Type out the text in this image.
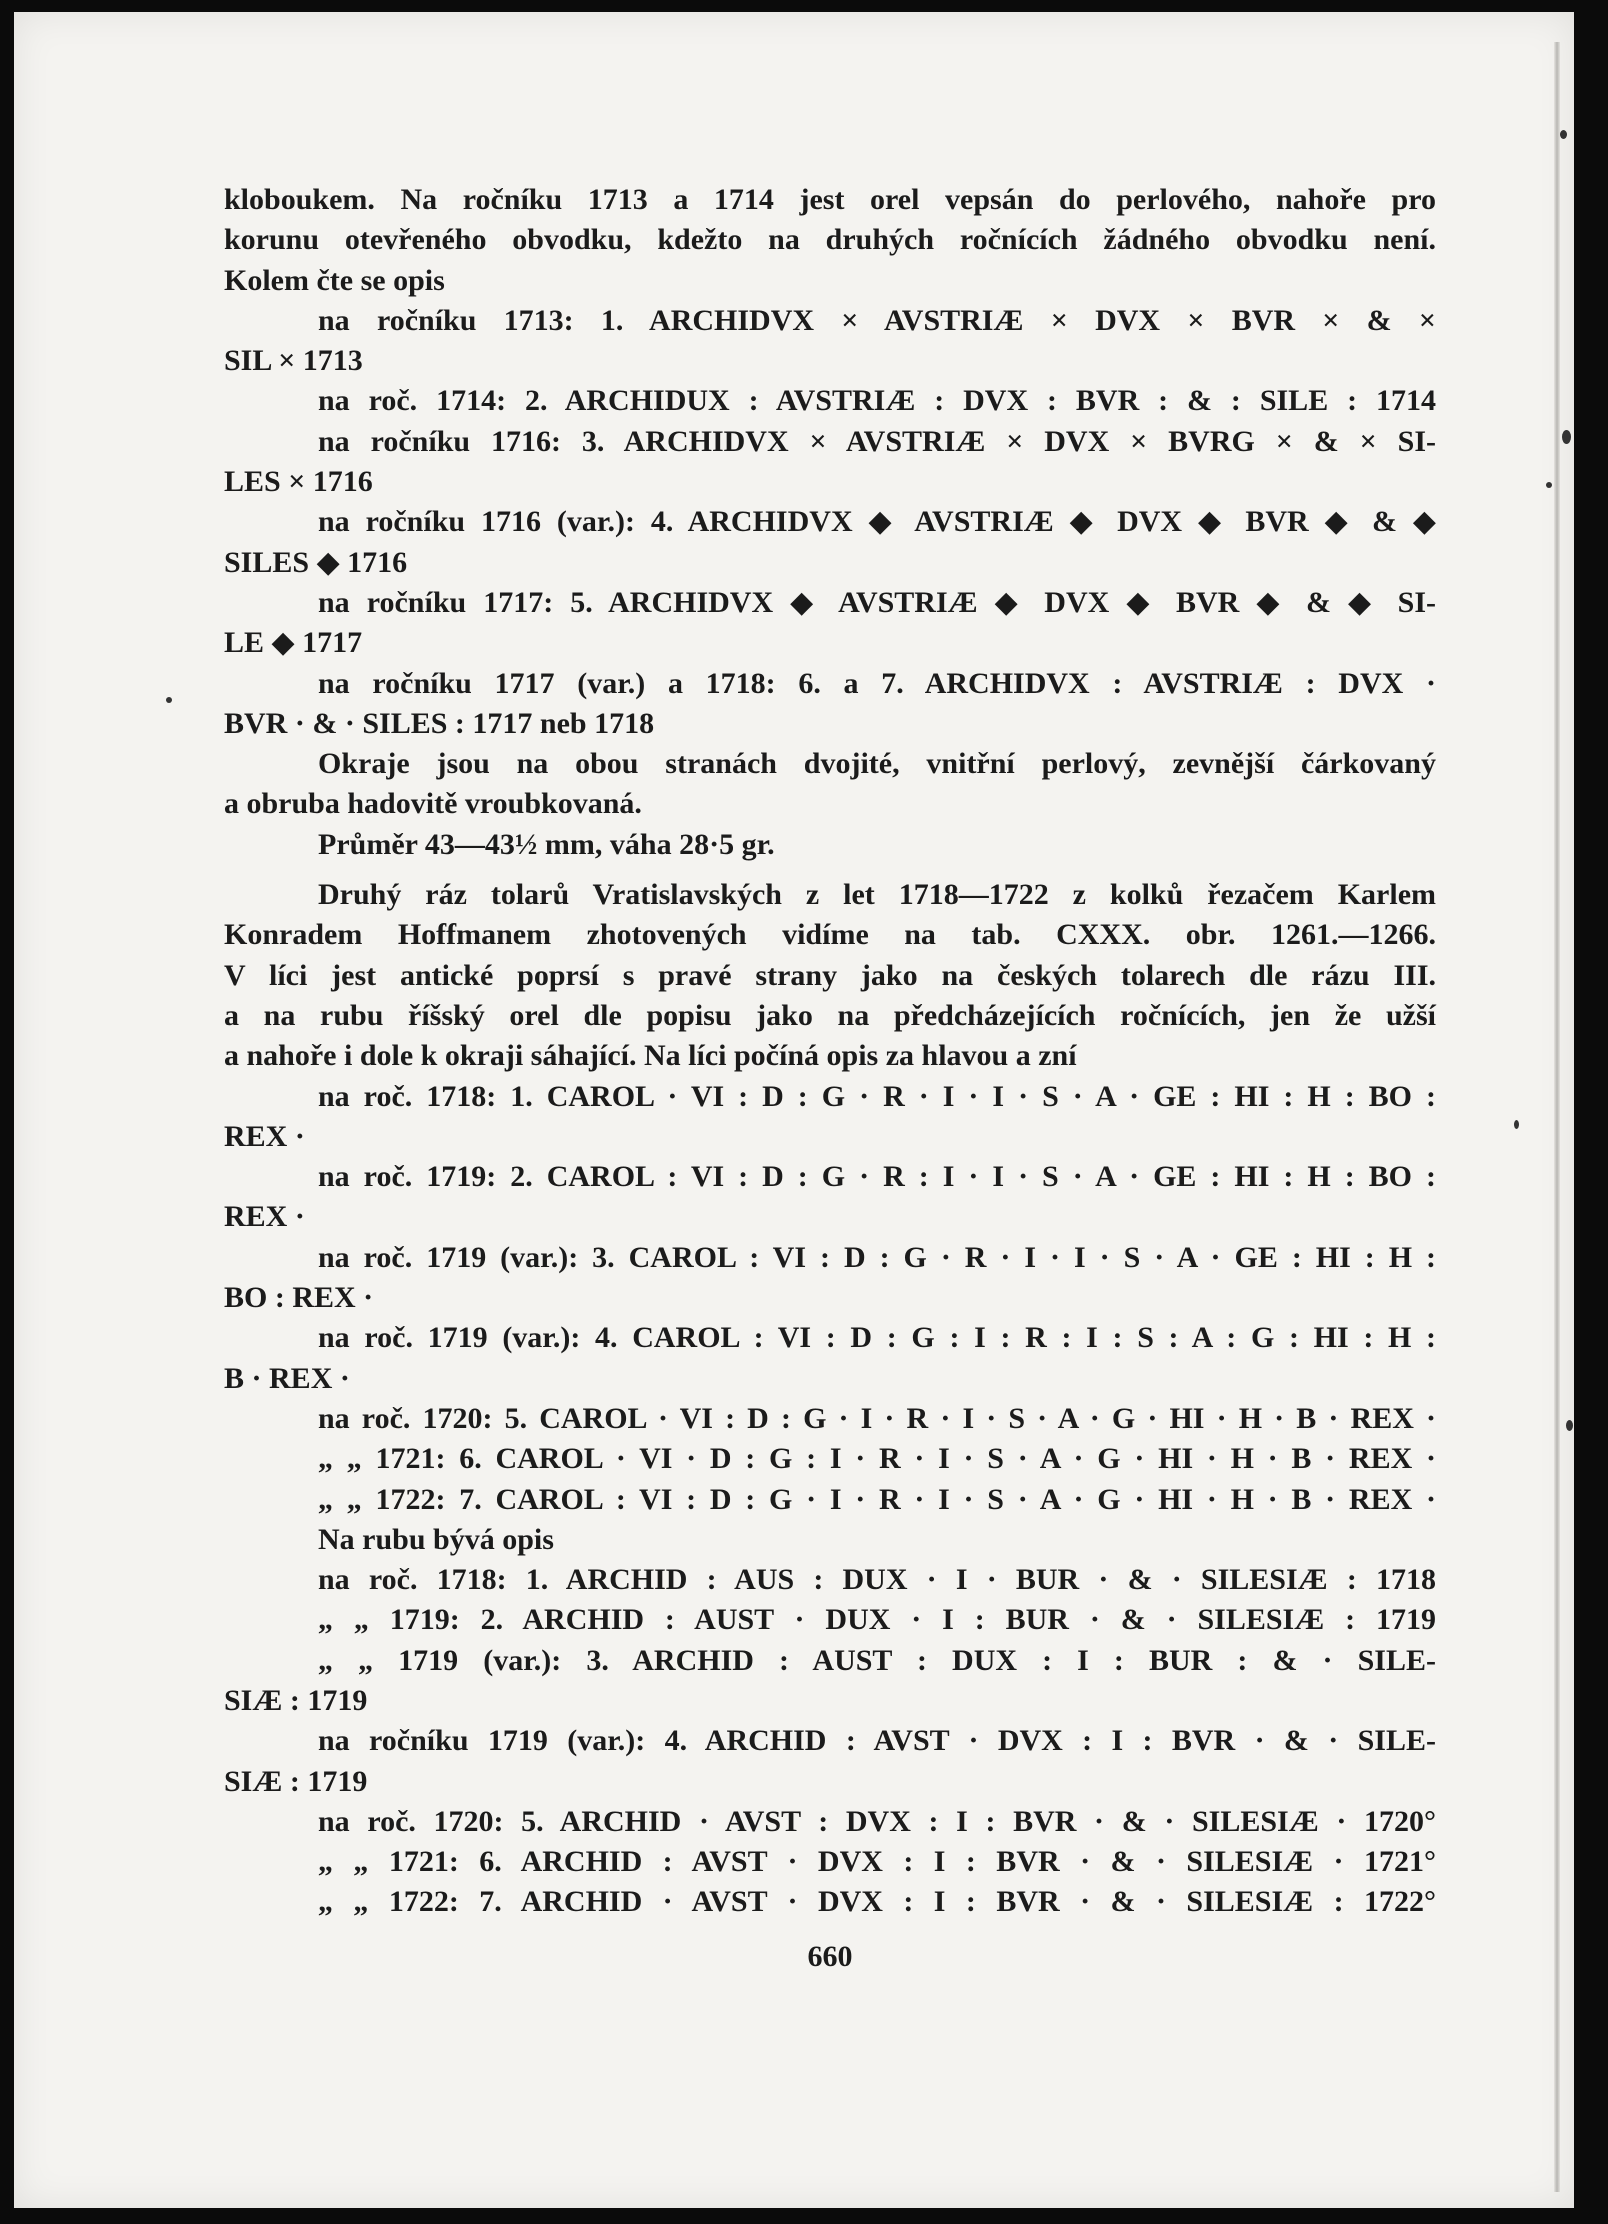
kloboukem. Na ročníku 1713 a 1714 jest orel vepsán do perlového, nahoře pro
korunu otevřeného obvodku, kdežto na druhých ročnících žádného obvodku není.
Kolem čte se opis
na ročníku 1713: 1. ARCHIDVX × AVSTRIÆ × DVX × BVR × & ×
SIL × 1713
na roč. 1714: 2. ARCHIDUX : AVSTRIÆ : DVX : BVR : & : SILE : 1714
na ročníku 1716: 3. ARCHIDVX × AVSTRIÆ × DVX × BVRG × & × SI-
LES × 1716
na ročníku 1716 (var.): 4. ARCHIDVX ◆ AVSTRIÆ ◆ DVX ◆ BVR ◆ & ◆
SILES ◆ 1716
na ročníku 1717: 5. ARCHIDVX ◆ AVSTRIÆ ◆ DVX ◆ BVR ◆ & ◆ SI-
LE ◆ 1717
na ročníku 1717 (var.) a 1718: 6. a 7. ARCHIDVX : AVSTRIÆ : DVX ·
BVR · & · SILES : 1717 neb 1718
Okraje jsou na obou stranách dvojité, vnitřní perlový, zevnější čárkovaný
a obruba hadovitě vroubkovaná.
Průměr 43—43½ mm, váha 28·5 gr.
Druhý ráz tolarů Vratislavských z let 1718—1722 z kolků řezačem Karlem
Konradem Hoffmanem zhotovených vidíme na tab. CXXX. obr. 1261.—1266.
V líci jest antické poprsí s pravé strany jako na českých tolarech dle rázu III.
a na rubu říšský orel dle popisu jako na předcházejících ročnících, jen že užší
a nahoře i dole k okraji sáhající. Na líci počíná opis za hlavou a zní
na roč. 1718: 1. CAROL · VI : D : G · R · I · I · S · A · GE : HI : H : BO :
REX ·
na roč. 1719: 2. CAROL : VI : D : G · R : I · I · S · A · GE : HI : H : BO :
REX ·
na roč. 1719 (var.): 3. CAROL : VI : D : G · R · I · I · S · A · GE : HI : H :
BO : REX ·
na roč. 1719 (var.): 4. CAROL : VI : D : G : I : R : I : S : A : G : HI : H :
B · REX ·
na roč. 1720: 5. CAROL · VI : D : G · I · R · I · S · A · G · HI · H · B · REX ·
„ „ 1721: 6. CAROL · VI · D : G : I · R · I · S · A · G · HI · H · B · REX ·
„ „ 1722: 7. CAROL : VI : D : G · I · R · I · S · A · G · HI · H · B · REX ·
Na rubu bývá opis
na roč. 1718: 1. ARCHID : AUS : DUX · I · BUR · & · SILESIÆ : 1718
„ „ 1719: 2. ARCHID : AUST · DUX · I : BUR · & · SILESIÆ : 1719
„ „ 1719 (var.): 3. ARCHID : AUST : DUX : I : BUR : & · SILE-
SIÆ : 1719
na ročníku 1719 (var.): 4. ARCHID : AVST · DVX : I : BVR · & · SILE-
SIÆ : 1719
na roč. 1720: 5. ARCHID · AVST : DVX : I : BVR · & · SILESIÆ · 1720°
„ „ 1721: 6. ARCHID : AVST · DVX : I : BVR · & · SILESIÆ · 1721°
„ „ 1722: 7. ARCHID · AVST · DVX : I : BVR · & · SILESIÆ : 1722°
660
